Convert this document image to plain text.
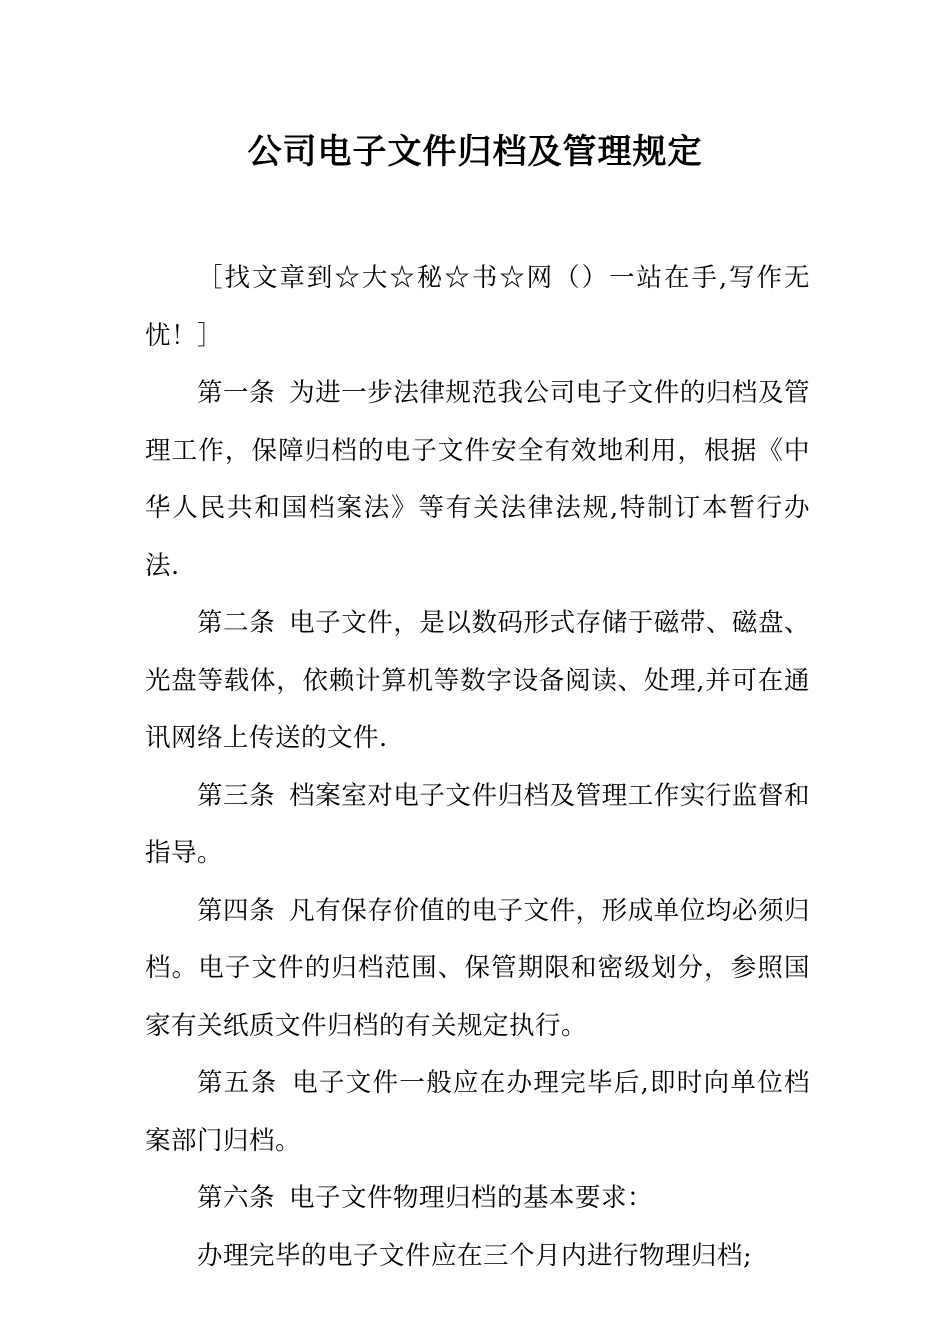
公司电子文件归档及管理规定

［找文章到☆大☆秘☆书☆网（）一站在手,写作无忧！］

第一条 为进一步法律规范我公司电子文件的归档及管理工作，保障归档的电子文件安全有效地利用，根据《中华人民共和国档案法》等有关法律法规,特制订本暂行办法.

第二条 电子文件，是以数码形式存储于磁带、磁盘、光盘等载体，依赖计算机等数字设备阅读、处理,并可在通讯网络上传送的文件.

第三条 档案室对电子文件归档及管理工作实行监督和指导。

第四条 凡有保存价值的电子文件，形成单位均必须归档。电子文件的归档范围、保管期限和密级划分，参照国家有关纸质文件归档的有关规定执行。

第五条 电子文件一般应在办理完毕后,即时向单位档案部门归档。

第六条 电子文件物理归档的基本要求：

办理完毕的电子文件应在三个月内进行物理归档;
